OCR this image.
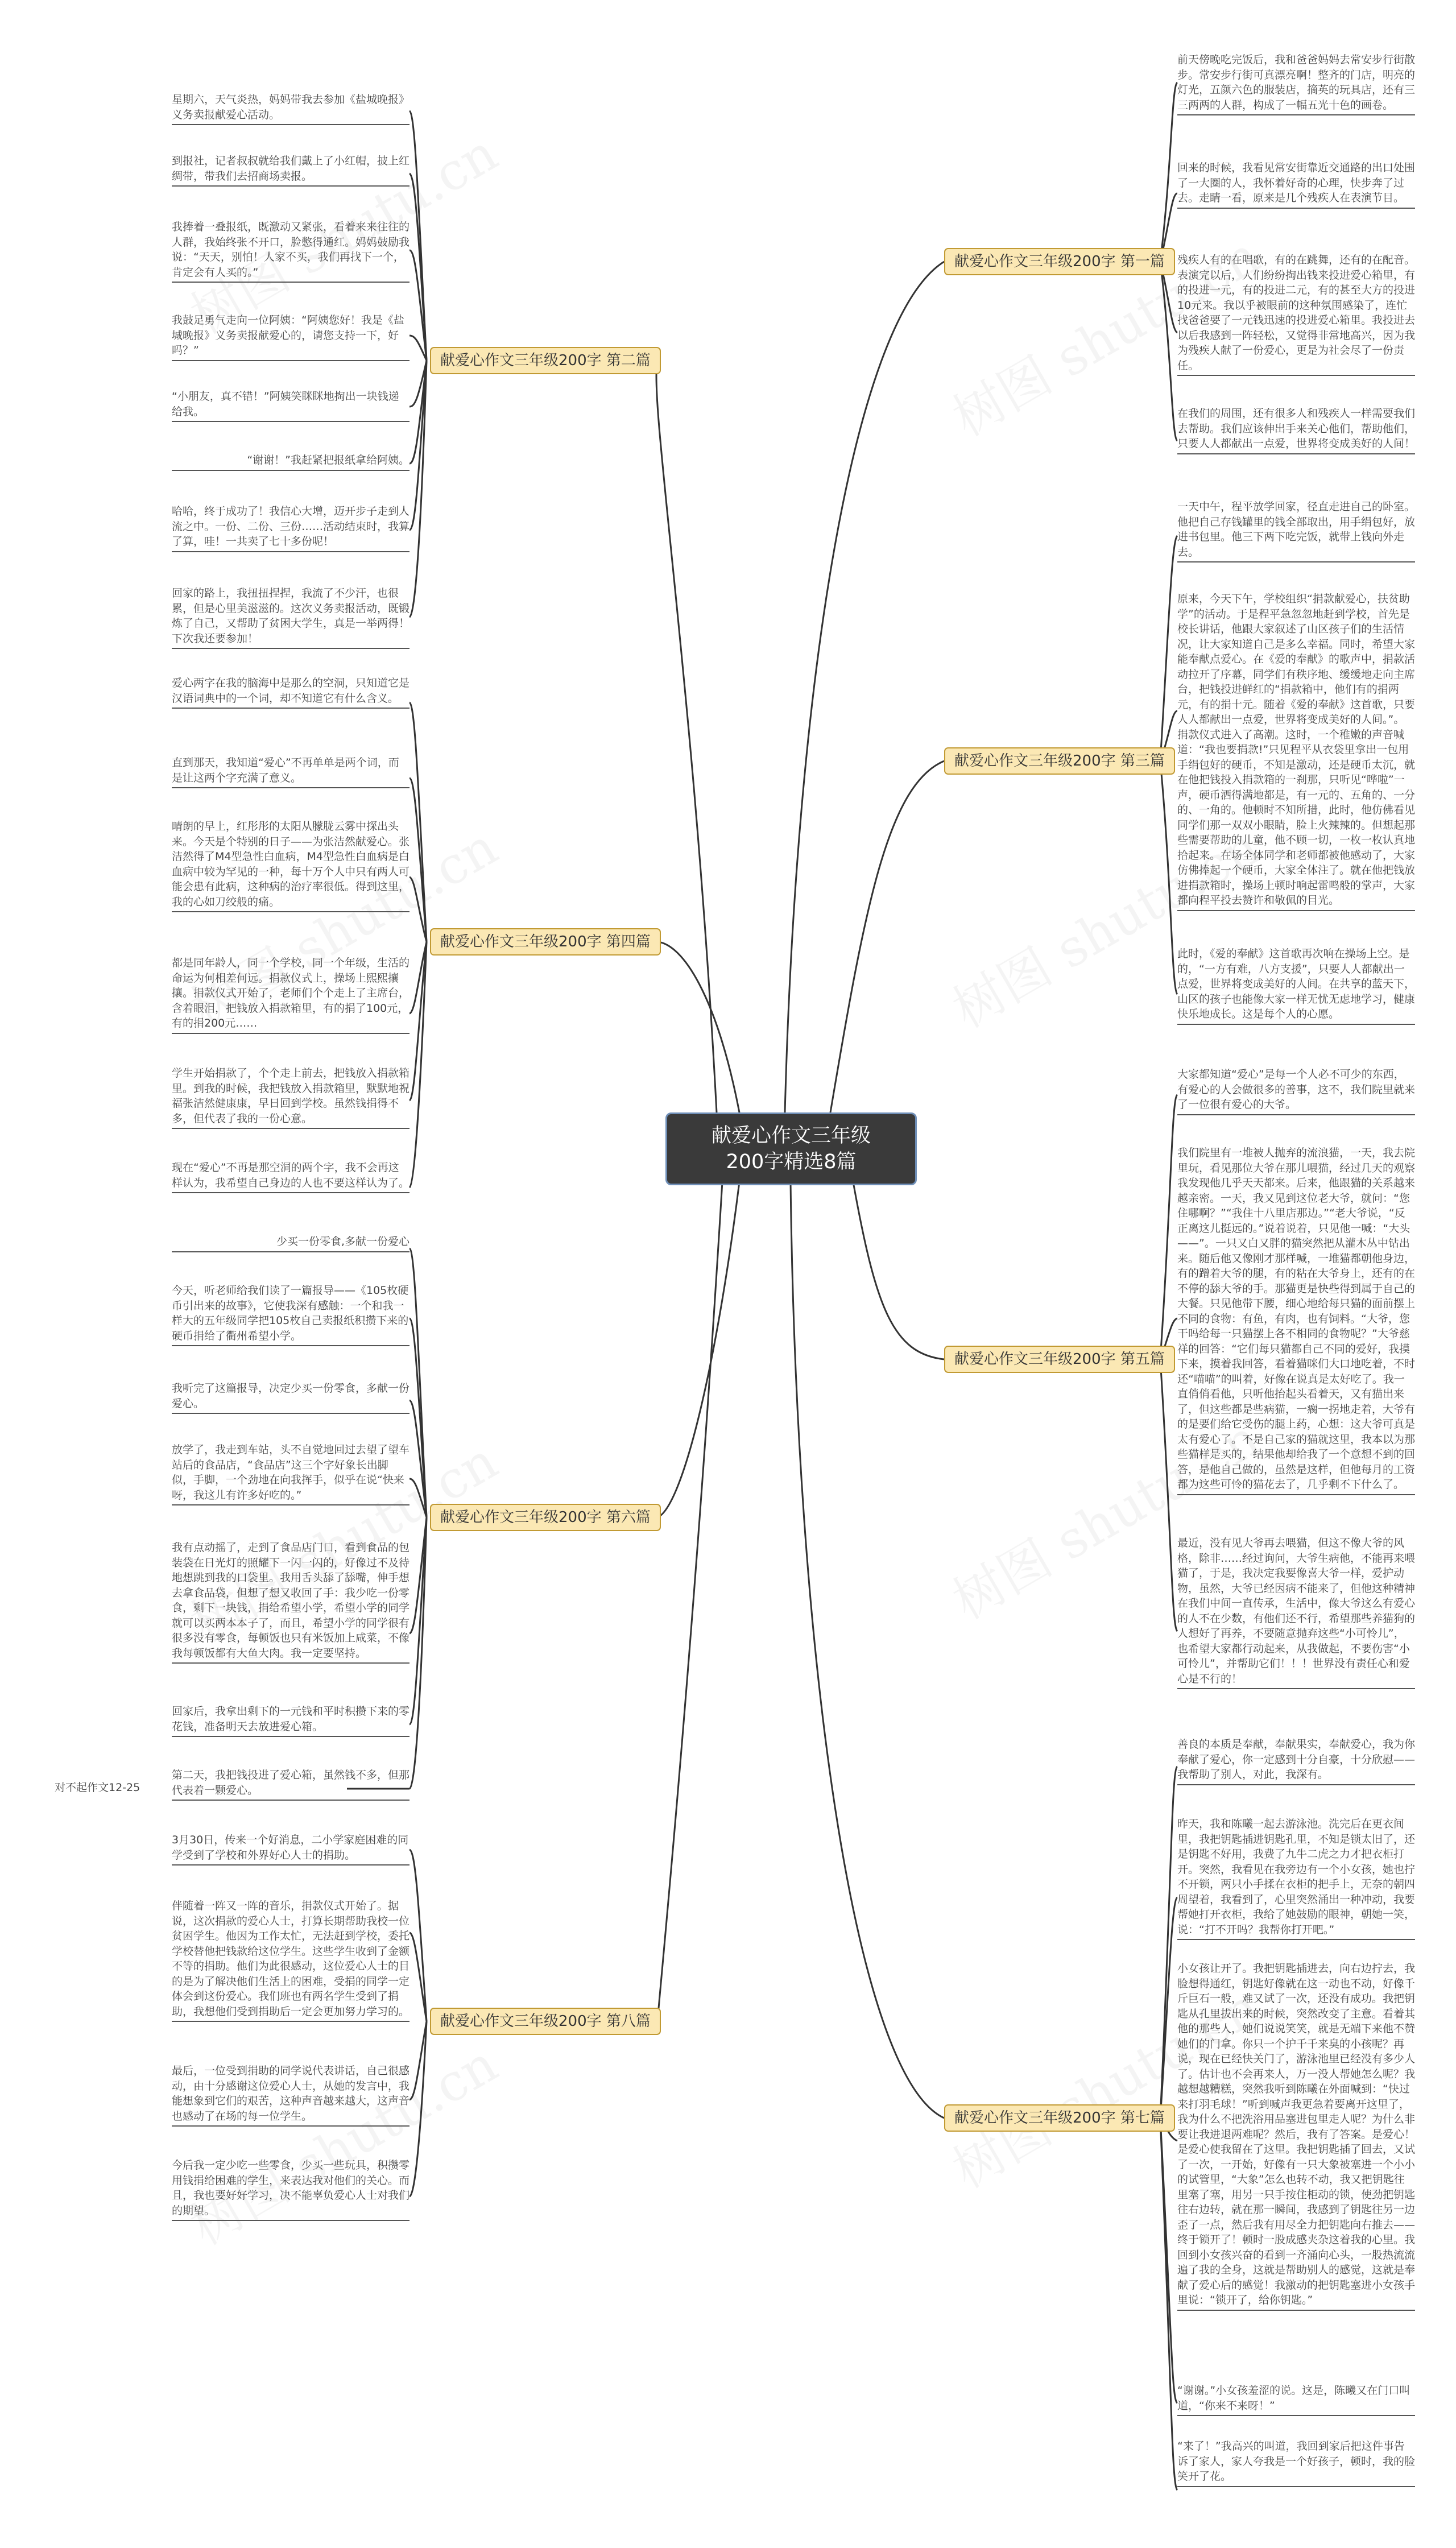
献爱心作文三年级200字精选8篇
献爱心作文三年级200字 第一篇
献爱心作文三年级200字 第三篇
献爱心作文三年级200字 第五篇
献爱心作文三年级200字 第七篇
献爱心作文三年级200字 第二篇
献爱心作文三年级200字 第四篇
献爱心作文三年级200字 第六篇
献爱心作文三年级200字 第八篇
前天傍晚吃完饭后，我和爸爸妈妈去常安步行街散步。常安步行街可真漂亮啊！整齐的门店，明亮的灯光，五颜六色的服装店，摘英的玩具店，还有三三两两的人群，构成了一幅五光十色的画卷。
回来的时候，我看见常安街靠近交通路的出口处围了一大圈的人，我怀着好奇的心理，快步奔了过去。走睛一看，原来是几个残疾人在表演节目。
残疾人有的在唱歌，有的在跳舞，还有的在配音。表演完以后，人们纷纷掏出钱来投进爱心箱里，有的投进一元，有的投进二元，有的甚至大方的投进10元来。我以乎被眼前的这种氛围感染了，连忙找爸爸要了一元钱迅速的投进爱心箱里。我投进去以后我感到一阵轻松，又觉得非常地高兴，因为我为残疾人献了一份爱心，更是为社会尽了一份责任。
在我们的周围，还有很多人和残疾人一样需要我们去帮助。我们应该伸出手来关心他们，帮助他们，只要人人都献出一点爱，世界将变成美好的人间！
一天中午，程平放学回家，径直走进自己的卧室。他把自己存钱罐里的钱全部取出，用手绢包好，放进书包里。他三下两下吃完饭，就带上钱向外走去。
原来，今天下午，学校组织“捐款献爱心，扶贫助学”的活动。于是程平急忽忽地赶到学校，首先是校长讲话，他跟大家叙述了山区孩子们的生活情况，让大家知道自己是多么幸福。同时，希望大家能奉献点爱心。在《爱的奉献》的歌声中，捐款活动拉开了序幕，同学们有秩序地、缓缓地走向主席台，把钱投进鲜红的“捐款箱中，他们有的捐两元，有的捐十元。随着《爱的奉献》这首歌，只要人人都献出一点爱，世界将变成美好的人间。”。捐款仪式进入了高潮。这时，一个稚嫩的声音喊道：“我也要捐款!”只见程平从衣袋里拿出一包用手绢包好的硬币，不知是激动，还是硬币太沉，就在他把钱投入捐款箱的一刹那，只听见“哗啦”一声，硬币洒得满地都是，有一元的、五角的、一分的、一角的。他顿时不知所措，此时，他仿佛看见同学们那一双双小眼睛，脸上火辣辣的。但想起那些需要帮助的儿童，他不顾一切，一枚一枚认真地拾起来。在场全体同学和老师都被他感动了，大家仿佛捧起一个硬币，大家全体注了。就在他把钱放进捐款箱时，操场上顿时响起雷鸣般的掌声，大家都向程平投去赞许和敬佩的目光。
此时，《爱的奉献》这首歌再次响在操场上空。是的，“一方有难，八方支援”，只要人人都献出一点爱，世界将变成美好的人间。在共享的蓝天下，山区的孩子也能像大家一样无忧无虑地学习，健康快乐地成长。这是每个人的心愿。
大家都知道“爱心”是每一个人必不可少的东西，有爱心的人会做很多的善事，这不，我们院里就来了一位很有爱心的大爷。
我们院里有一堆被人抛弃的流浪猫，一天，我去院里玩，看见那位大爷在那儿喂猫，经过几天的观察我发现他几乎天天都来。后来，他跟猫的关系越来越亲密。一天，我又见到这位老大爷，就问：“您住哪啊？”“我住十八里店那边。”“老大爷说，“反正离这儿挺远的。”说着说着，只见他一喊：“大头——”。一只又白又胖的猫突然把从灌木丛中钻出来。随后他又像刚才那样喊，一堆猫都朝他身边，有的蹭着大爷的腿，有的粘在大爷身上，还有的在不停的舔大爷的手。那猫更是快些得到属于自己的大餐。只见他带下腰，细心地给每只猫的面前摆上不同的食物：有鱼，有肉，也有饲料。“大爷，您干吗给每一只猫摆上各不相同的食物呢？”大爷慈祥的回答：“它们每只猫都自己不同的爱好，我摸下来，摸着我回答，看着猫咪们大口地吃着，不时还“喵喵”的叫着，好像在说真是太好吃了。我一直俏俏看他，只听他抬起头看着天，又有猫出来了，但这些都是些病猫，一瘸一拐地走着，大爷有的是要们给它受伤的腿上药，心想：这大爷可真是太有爱心了。不是自己家的猫就这里，我本以为那些猫样是买的，结果他却给我了一个意想不到的回答，是他自己做的，虽然是这样，但他每月的工资都为这些可怜的猫花去了，几乎剩不下什么了。
最近，没有见大爷再去喂猫，但这不像大爷的风格，除非……经过询问，大爷生病他，不能再来喂猫了，于是，我决定我要像喜大爷一样，爱护动物，虽然，大爷已经因病不能来了，但他这种精神在我们中间一直传承，生活中，像大爷这么有爱心的人不在少数，有他们还不行，希望那些养猫狗的人想好了再养，不要随意抛弃这些“小可怜儿”，也希望大家都行动起来，从我做起，不要伤害“小可怜儿”，并帮助它们！！！世界没有责任心和爱心是不行的！
善良的本质是奉献，奉献果实，奉献爱心，我为你奉献了爱心，你一定感到十分自豪，十分欣慰——我帮助了别人，对此，我深有。
昨天，我和陈曦一起去游泳池。洗完后在更衣间里，我把钥匙插进钥匙孔里，不知是锁太旧了，还是钥匙不好用，我费了九牛二虎之力才把衣柜打开。突然，我看见在我旁边有一个小女孩，她也拧不开锁，两只小手揉在衣柜的把手上，无奈的朝四周望着，我看到了，心里突然涌出一种冲动，我要帮她打开衣柜，我给了她鼓励的眼神，朝她一笑，说：“打不开吗？我帮你打开吧。”
小女孩让开了。我把钥匙插进去，向右边拧去，我脸想得通红，钥匙好像就在这一动也不动，好像千斤巨石一般，难又试了一次，还没有成功。我把钥匙从孔里拔出来的时候，突然改变了主意。看着其他的那些人，她们说说笑笑，就是无端下来他不赞她们的门拿。你只一个护千千来臭的小孩呢？再说，现在已经快关门了，游泳池里已经没有多少人了。估计也不会再来人，万一没人帮她怎么呢？我越想越糟糕，突然我听到陈曦在外面喊到：“快过来打羽毛球！”听到喊声我更急着要离开这里了，我为什么不把洗浴用品塞进包里走人呢？为什么非要让我进退两难呢？然后，我有了答案。是爱心！是爱心使我留在了这里。我把钥匙插了回去，又试了一次，一开始，好像有一只大象被塞进一个小小的试管里，“大象”怎么也转不动，我又把钥匙往里塞了塞，用另一只手按住柜动的锁，使劲把钥匙往右边转，就在那一瞬间，我感到了钥匙往另一边歪了一点，然后我有用尽全力把钥匙向右推去——终于锁开了！顿时一股成感夹杂这着我的心里。我回到小女孩兴奋的看到一齐涌向心头，一股热流流遍了我的全身，这就是帮助别人的感觉，这就是奉献了爱心后的感觉！我激动的把钥匙塞进小女孩手里说：“锁开了，给你钥匙。”
“谢谢。”小女孩羞涩的说。这是，陈曦又在门口叫道，“你来不来呀！”
“来了！”我高兴的叫道，我回到家后把这件事告诉了家人，家人夸我是一个好孩子，顿时，我的脸笑开了花。
星期六，天气炎热，妈妈带我去参加《盐城晚报》义务卖报献爱心活动。
到报社，记者叔叔就给我们戴上了小红帽，披上红绸带，带我们去招商场卖报。
我捧着一叠报纸，既激动又紧张，看着来来往往的人群，我始终张不开口，脸憋得通红。妈妈鼓励我说：“天天，别怕！人家不买，我们再找下一个，肯定会有人买的。”
我鼓足勇气走向一位阿姨：“阿姨您好！我是《盐城晚报》义务卖报献爱心的，请您支持一下，好吗？”
“小朋友，真不错！”阿姨笑眯眯地掏出一块钱递给我。
“谢谢！”我赶紧把报纸拿给阿姨。
哈哈，终于成功了！我信心大增，迈开步子走到人流之中。一份、二份、三份……活动结束时，我算了算，哇！一共卖了七十多份呢！
回家的路上，我扭扭捏捏，我流了不少汗，也很累，但是心里美滋滋的。这次义务卖报活动，既锻炼了自己，又帮助了贫困大学生，真是一举两得！下次我还要参加！
爱心两字在我的脑海中是那么的空洞，只知道它是汉语词典中的一个词，却不知道它有什么含义。
直到那天，我知道“爱心”不再单单是两个词，而是让这两个字充满了意义。
晴朗的早上，红彤彤的太阳从朦胧云雾中探出头来。今天是个特别的日子——为张洁然献爱心。张洁然得了M4型急性白血病，M4型急性白血病是白血病中较为罕见的一种，每十万个人中只有两人可能会患有此病，这种病的治疗率很低。得到这里，我的心如刀绞般的痛。
都是同年龄人，同一个学校，同一个年级，生活的命运为何相差何远。捐款仪式上，操场上熙熙攘攘。捐款仪式开始了，老师们个个走上了主席台，含着眼泪，把钱放入捐款箱里，有的捐了100元，有的捐200元……
学生开始捐款了，个个走上前去，把钱放入捐款箱里。到我的时候，我把钱放入捐款箱里，默默地祝福张洁然健康康，早日回到学校。虽然钱捐得不多，但代表了我的一份心意。
现在“爱心”不再是那空洞的两个字，我不会再这样认为，我希望自己身边的人也不要这样认为了。
少买一份零食,多献一份爱心
今天，听老师给我们读了一篇报导——《105枚硬币引出来的故事》，它使我深有感触：一个和我一样大的五年级同学把105枚自己卖报纸积攒下来的硬币捐给了衢州希望小学。
我听完了这篇报导，决定少买一份零食，多献一份爱心。
放学了，我走到车站，头不自觉地回过去望了望车站后的食品店，“食品店”这三个字好象长出脚似，手脚，一个劲地在向我挥手，似乎在说“快来呀，我这儿有许多好吃的。”
我有点动摇了，走到了食品店门口，看到食品的包装袋在日光灯的照耀下一闪一闪的，好像过不及待地想跳到我的口袋里。我用舌头舔了舔嘴，伸手想去拿食品袋，但想了想又收回了手：我少吃一份零食，剩下一块钱，捐给希望小学，希望小学的同学就可以买两本本子了，而且，希望小学的同学很有很多没有零食，每顿饭也只有米饭加上咸菜，不像我每顿饭都有大鱼大肉。我一定要坚持。
回家后，我拿出剩下的一元钱和平时积攒下来的零花钱，准备明天去放进爱心箱。
第二天，我把钱投进了爱心箱，虽然钱不多，但那代表着一颗爱心。
对不起作文12-25
3月30日，传来一个好消息，二小学家庭困难的同学受到了学校和外界好心人士的捐助。
伴随着一阵又一阵的音乐，捐款仪式开始了。据说，这次捐款的爱心人士，打算长期帮助我校一位贫困学生。他因为工作太忙，无法赶到学校，委托学校替他把钱款给这位学生。这些学生收到了金额不等的捐助。他们为此很感动，这位爱心人士的目的是为了解决他们生活上的困难，受捐的同学一定体会到这份爱心。我们班也有两名学生受到了捐助，我想他们受到捐助后一定会更加努力学习的。
最后，一位受到捐助的同学说代表讲话，自己很感动，由十分感谢这位爱心人士，从她的发言中，我能想象到它们的艰苦，这种声音越来越大，这声音也感动了在场的每一位学生。
今后我一定少吃一些零食，少买一些玩具，积攒零用钱捐给困难的学生，来表达我对他们的关心。而且，我也要好好学习，决不能辜负爱心人士对我们的期望。
